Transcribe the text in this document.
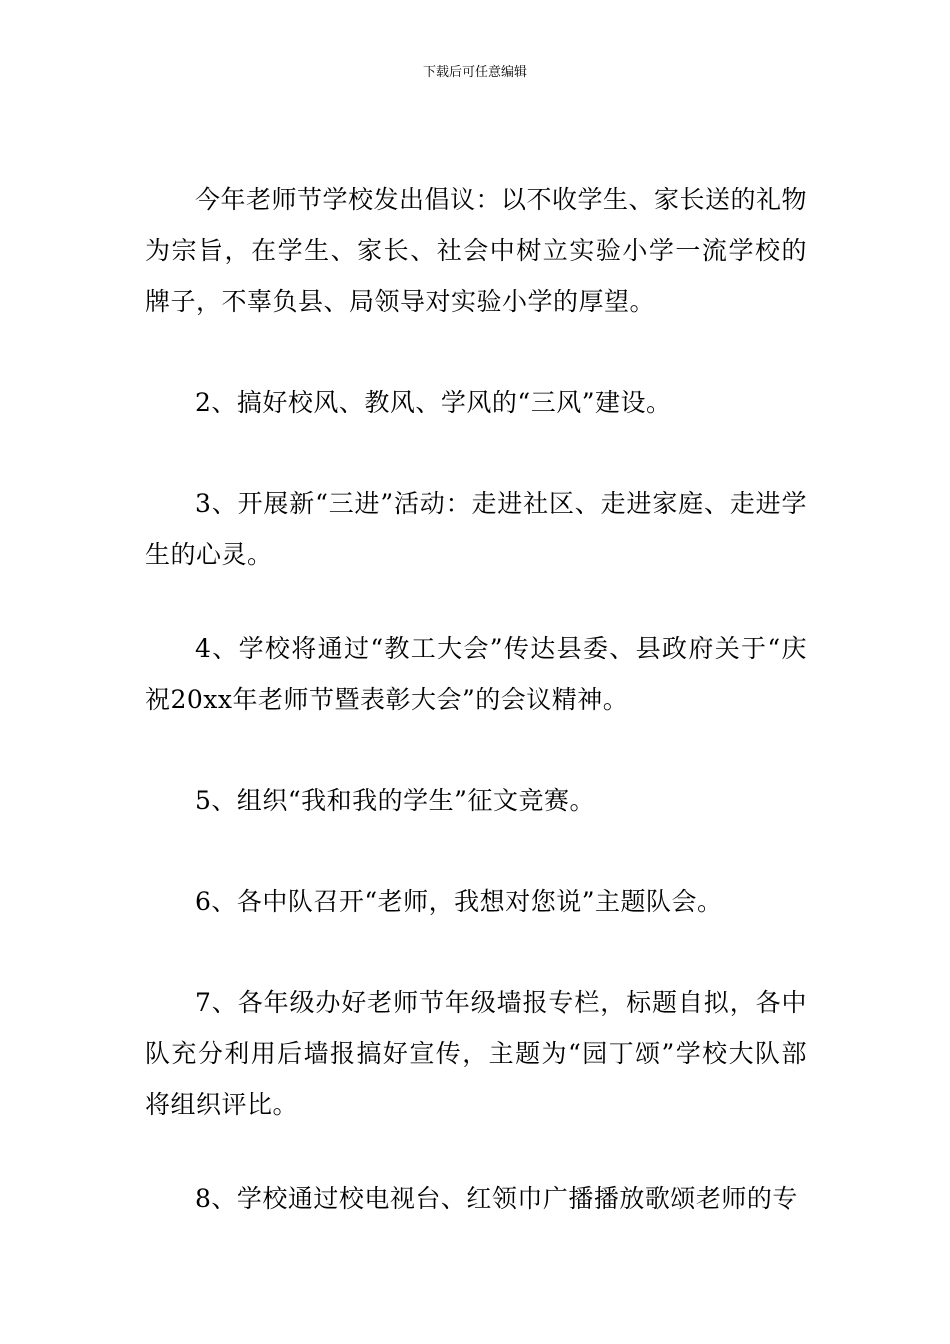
下载后可任意编辑

今年老师节学校发出倡议：以不收学生、家长送的礼物为宗旨，在学生、家长、社会中树立实验小学一流学校的牌子，不辜负县、局领导对实验小学的厚望。

2、搞好校风、教风、学风的“三风”建设。

3、开展新“三进”活动：走进社区、走进家庭、走进学生的心灵。

4、学校将通过“教工大会”传达县委、县政府关于“庆祝20xx年老师节暨表彰大会”的会议精神。

5、组织“我和我的学生”征文竞赛。

6、各中队召开“老师，我想对您说”主题队会。

7、各年级办好老师节年级墙报专栏，标题自拟，各中队充分利用后墙报搞好宣传，主题为“园丁颂”学校大队部将组织评比。

8、学校通过校电视台、红领巾广播播放歌颂老师的专
